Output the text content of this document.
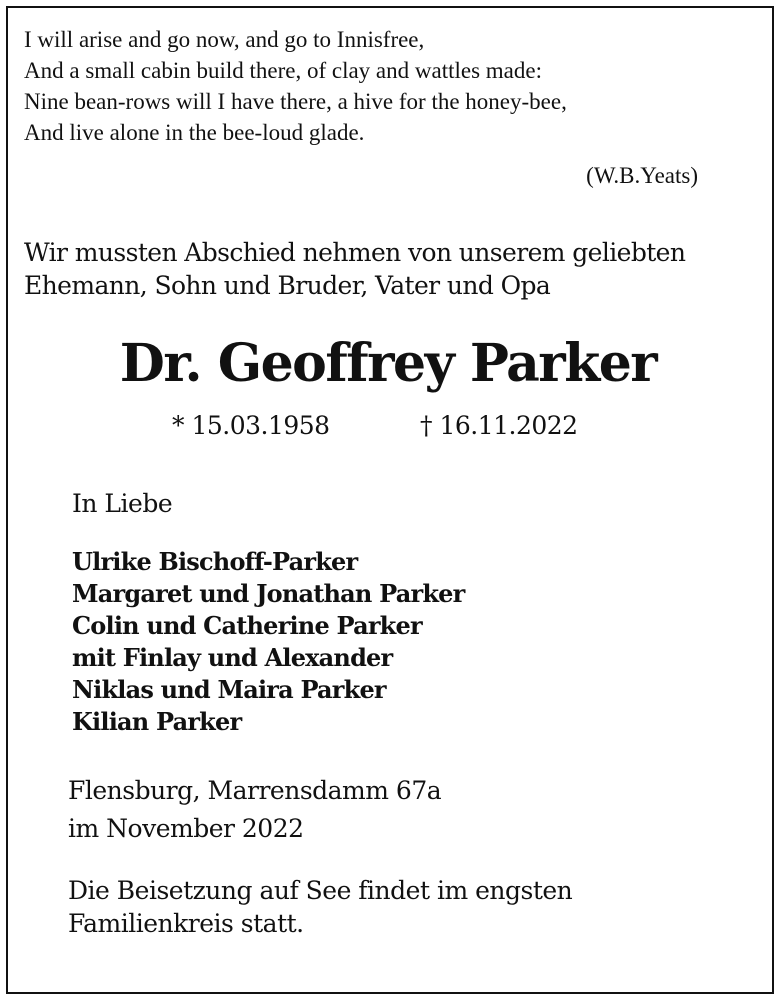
I will arise and go now, and go to Innisfree,
And a small cabin build there, of clay and wattles made:
Nine bean-rows will I have there, a hive for the honey-bee,
And live alone in the bee-loud glade.
(W.B.Yeats)
Wir mussten Abschied nehmen von unserem geliebten
Ehemann, Sohn und Bruder, Vater und Opa
Dr. Geoffrey Parker
* 15.03.1958	† 16.11.2022
In Liebe
Ulrike Bischoff-Parker
Margaret und Jonathan Parker
Colin und Catherine Parker
mit Finlay und Alexander
Niklas und Maira Parker
Kilian Parker
Flensburg, Marrensdamm 67a
im November 2022
Die Beisetzung auf See findet im engsten
Familienkreis statt.
